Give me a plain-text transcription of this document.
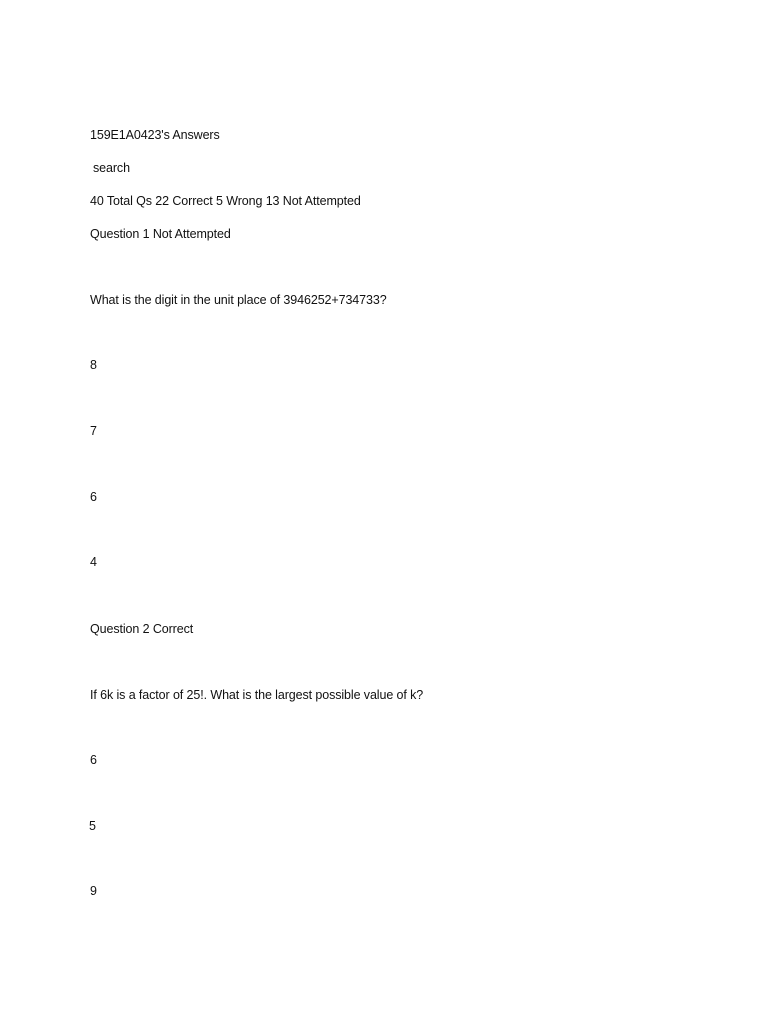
159E1A0423's Answers
search
40 Total Qs 22 Correct 5 Wrong 13 Not Attempted
Question 1 Not Attempted
What is the digit in the unit place of 3946252+734733?
8
7
6
4
Question 2 Correct
If 6k is a factor of 25!. What is the largest possible value of k?
6
5
9
